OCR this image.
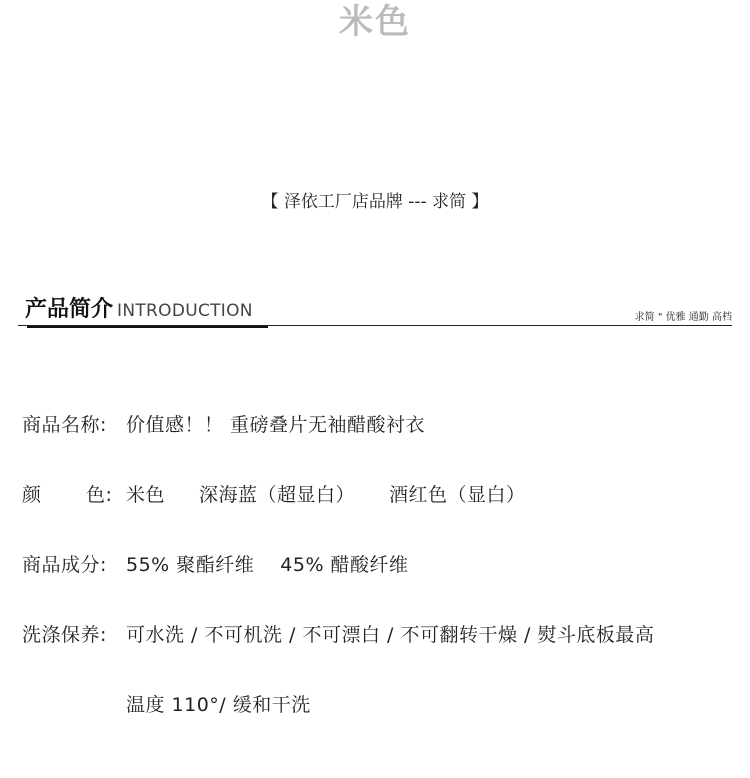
米色
【 泽依工厂店品牌 --- 求简 】
产品简介 INTRODUCTION	求简 " 优雅 通勤 高档
商品名称: 价值感！！ 重磅叠片无袖醋酸衬衣
颜 色: 米色 深海蓝（超显白） 酒红色（显白）
商品成分: 55% 聚酯纤维 45% 醋酸纤维
洗涤保养: 可水洗 / 不可机洗 / 不可漂白 / 不可翻转干燥 / 熨斗底板最高
温度 110°/ 缓和干洗
